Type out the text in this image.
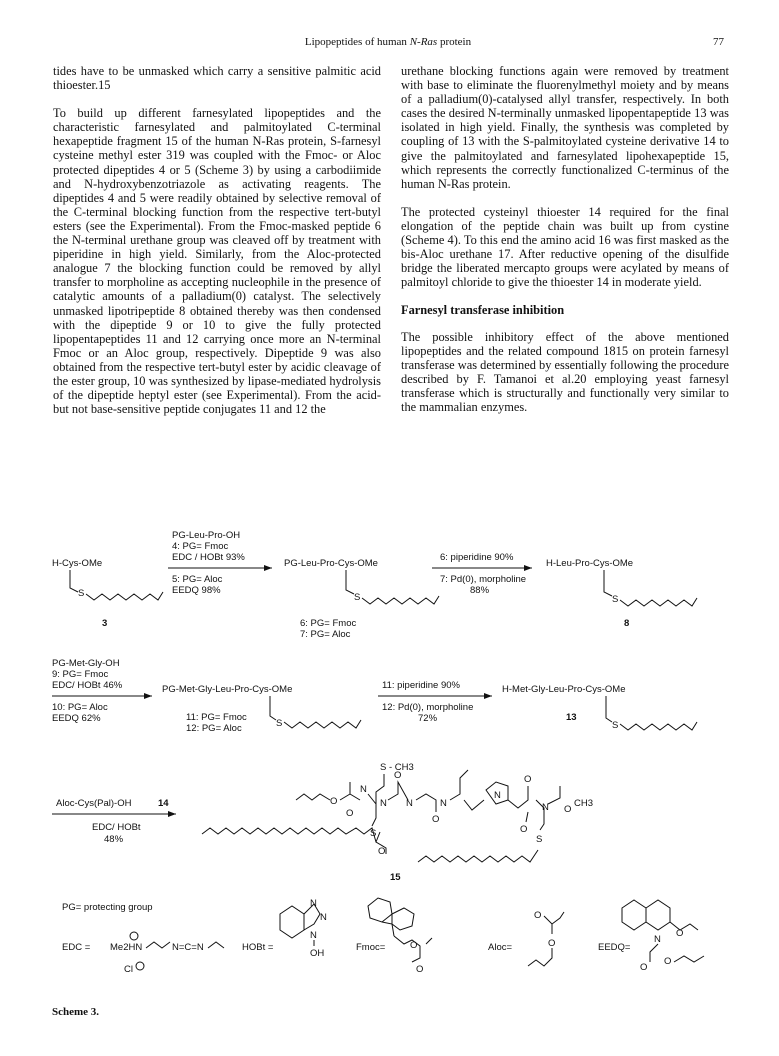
Lipopeptides of human N-Ras protein	77

tides have to be unmasked which carry a sensitive palmitic acid thioester.15

To build up different farnesylated lipopeptides and the characteristic farnesylated and palmitoylated C-terminal hexapeptide fragment 15 of the human N-Ras protein, S-farnesyl cysteine methyl ester 319 was coupled with the Fmoc- or Aloc protected dipeptides 4 or 5 (Scheme 3) by using a carbodiimide and N-hydroxybenzotriazole as activating reagents. The dipeptides 4 and 5 were readily obtained by selective removal of the C-terminal blocking function from the respective tert-butyl esters (see the Experimental). From the Fmoc-masked peptide 6 the N-terminal urethane group was cleaved off by treatment with piperidine in high yield. Similarly, from the Aloc-protected analogue 7 the blocking function could be removed by allyl transfer to morpholine as accepting nucleophile in the presence of catalytic amounts of a palladium(0) catalyst. The selectively unmasked lipotripeptide 8 obtained thereby was then condensed with the dipeptide 9 or 10 to give the fully protected lipopentapeptides 11 and 12 carrying once more an N-terminal Fmoc or an Aloc group, respectively. Dipeptide 9 was also obtained from the respective tert-butyl ester by acidic cleavage of the ester group, 10 was synthesized by lipase-mediated hydrolysis of the dipeptide heptyl ester (see Experimental). From the acid- but not base-sensitive peptide conjugates 11 and 12 the

urethane blocking functions again were removed by treatment with base to eliminate the fluorenylmethyl moiety and by means of a palladium(0)-catalysed allyl transfer, respectively. In both cases the desired N-terminally unmasked lipopentapeptide 13 was isolated in high yield. Finally, the synthesis was completed by coupling of 13 with the S-palmitoylated cysteine derivative 14 to give the palmitoylated and farnesylated lipohexapeptide 15, which represents the correctly functionalized C-terminus of the human N-Ras protein.

The protected cysteinyl thioester 14 required for the final elongation of the peptide chain was built up from cystine (Scheme 4). To this end the amino acid 16 was first masked as the bis-Aloc urethane 17. After reductive opening of the disulfide bridge the liberated mercapto groups were acylated by means of palmitoyl chloride to give the thioester 14 in moderate yield.

Farnesyl transferase inhibition

The possible inhibitory effect of the above mentioned lipopeptides and the related compound 1815 on protein farnesyl transferase was determined by essentially following the procedure described by F. Tamanoi et al.20 employing yeast farnesyl transferase which is structurally and functionally very similar to the mammalian enzymes.

H-Cys-OMe
S
3
PG-Leu-Pro-OH
4: PG= Fmoc
EDC / HOBt 93%
5: PG= Aloc
EEDQ 98%
PG-Leu-Pro-Cys-OMe
S
6: PG= Fmoc
7: PG= Aloc
6: piperidine 90%
7: Pd(0), morpholine
88%
H-Leu-Pro-Cys-OMe
S
8
PG-Met-Gly-OH
9: PG= Fmoc
EDC/ HOBt 46%
10: PG= Aloc
EEDQ 62%
PG-Met-Gly-Leu-Pro-Cys-OMe
S
11: PG= Fmoc
12: PG= Aloc
11: piperidine 90%
12: Pd(0), morpholine
72%
H-Met-Gly-Leu-Pro-Cys-OMe
S
13
Aloc-Cys(Pal)-OH	14
EDC/ HOBt
48%
S - CH3
O
O
N
N
S
O
N
O
N
N
O
O
N O
CH3
S
O
15
PG= protecting group
EDC = Me2HN	N=C=N
Cl
HOBt =
N
N
N
OH
Fmoc=	O
O
Aloc=
O
O	EEDQ=
N
O
O
O
Scheme 3.
